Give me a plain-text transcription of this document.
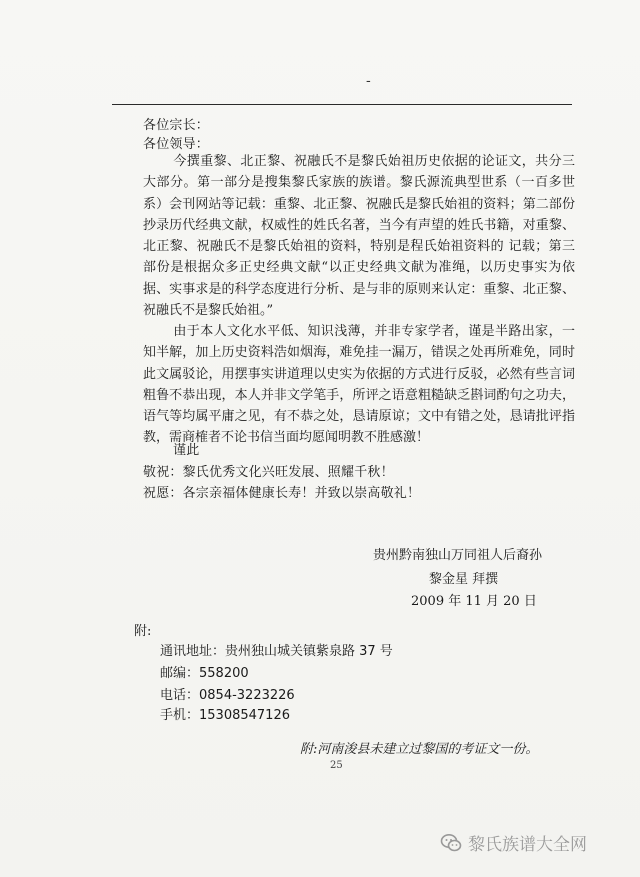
-
各位宗长：
各位领导：
今撰重黎、北正黎、祝融氏不是黎氏始祖历史依据的论证文，共分三大部分。第一部分是搜集黎氏家族的族谱。黎氏源流典型世系（一百多世系）会刊网站等记载：重黎、北正黎、祝融氏是黎氏始祖的资料；第二部份抄录历代经典文献，权威性的姓氏名著，当今有声望的姓氏书籍，对重黎、北正黎、祝融氏不是黎氏始祖的资料，特别是程氏始祖资料的 记载；第三部份是根据众多正史经典文献“以正史经典文献为准绳，以历史事实为依据、实事求是的科学态度进行分析、是与非的原则来认定：重黎、北正黎、祝融氏不是黎氏始祖。”
由于本人文化水平低、知识浅薄，并非专家学者，谨是半路出家，一知半解，加上历史资料浩如烟海，难免挂一漏万，错误之处再所难免，同时此文属驳论，用摆事实讲道理以史实为依据的方式进行反驳，必然有些言词粗鲁不恭出现，本人并非文学笔手，所评之语意粗糙缺乏斟词酌句之功夫，语气等均属平庸之见，有不恭之处，恳请原谅；文中有错之处，恳请批评指教，需商榷者不论书信当面均愿闻明教不胜感激！
谨此
敬祝：黎氏优秀文化兴旺发展、照耀千秋！
祝愿：各宗亲福体健康长寿！并致以崇高敬礼！
贵州黔南独山万同祖人后裔孙
黎金星 拜撰
2009 年 11 月 20 日
附:
通讯地址：贵州独山城关镇紫泉路 37 号
邮编：558200
电话：0854-3223226
手机：15308547126
附:河南浚县未建立过黎国的考证文一份。
25
黎氏族谱大全网
